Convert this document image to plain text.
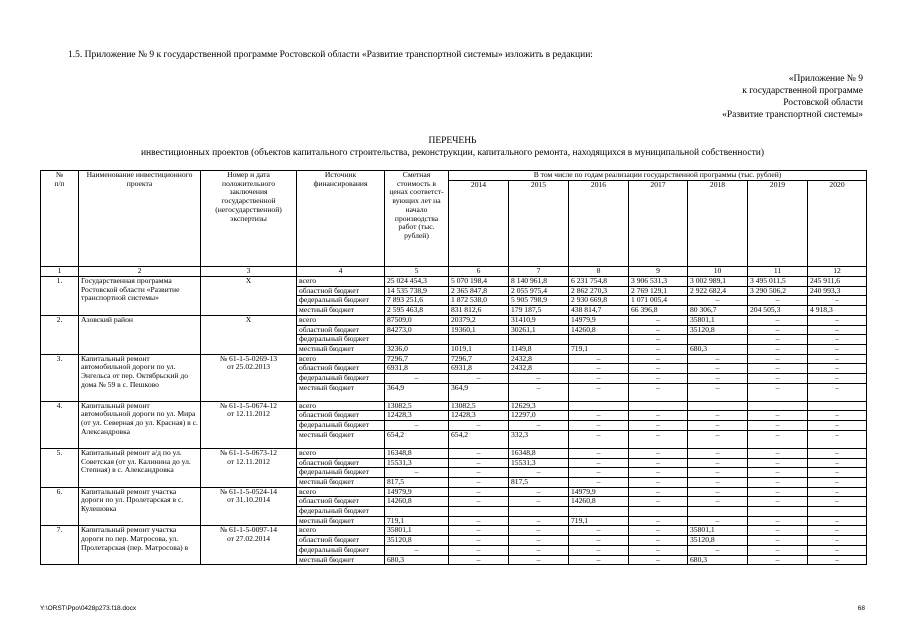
1.5. Приложение № 9 к государственной программе Ростовской области «Развитие транспортной системы» изложить в редакции:
«Приложение № 9
к государственной программе
Ростовской области
«Развитие транспортной системы»
ПЕРЕЧЕНЬ
инвестиционных проектов (объектов капитального строительства, реконструкции, капитального ремонта, находящихся в муниципальной собственности)
№
п/п	Наименование инвестиционного проекта	Номер и дата положительного заключения государственной (негосударственной) экспертизы	Источник финансирования	Сметная стоимость в ценах соответст-вующих лет на начало производства работ (тыс. рублей)	В том числе по годам реализации государственной программы (тыс. рублей)						
					2014	2015	2016	2017	2018	2019	2020
1	2	3	4	5	6	7	8	9	10	11	12
1.	Государственная программа Ростовской области «Развитие транспортной системы»	Х	всего	25 024 454,3	5 070 198,4	8 140 961,8	6 231 754,8	3 906 531,3	3 002 989,1	3 495 011,5	245 911,6
			областной бюджет	14 535 738,9	2 365 847,8	2 055 975,4	2 862 270,3	2 769 129,1	2 922 682,4	3 290 506,2	240 993,3
			федеральный бюджет	7 893 251,6	1 872 538,0	5 905 798,9	2 930 669,8	1 071 005,4	–	–	–
			местный бюджет	2 595 463,8	831 812,6	179 187,5	438 814,7	66 396,8	80 306,7	204 505,3	4 918,3
2.	Азовский район	Х	всего	87509,0	20379,2	31410,9	14979,9	–	35801,1	–	–
			областной бюджет	84273,0	19360,1	30261,1	14260,8	–	35120,8	–	–
			федеральный бюджет					–		–	–
			местный бюджет	3236,0	1019,1	1149,8	719,1	–	680,3	–	–
3.	Капитальный ремонт автомобильной дороги по ул. Энгельса от пер. Октябрьский до дома № 59 в с. Пешково	№ 61-1-5-0269-13
от 25.02.2013	всего	7296,7	7296,7	2432,8	–	–	–	–	–
			областной бюджет	6931,8	6931,8	2432,8	–	–	–	–	–
			федеральный бюджет	–	–	–	–	–	–	–	–
			местный бюджет	364,9	364,9	–	–	–	–	–	–
4.	Капитальный ремонт автомобильной дороги по ул. Мира (от ул. Северная до ул. Красная) в с. Александровка	№ 61-1-5-0674-12
от 12.11.2012	всего	13082,5	13082,5	12629,3					
			областной бюджет	12428,3	12428,3	12297,0	–	–	–	–	–
			федеральный бюджет	–	–	–	–	–	–	–	–
			местный бюджет	654,2	654,2	332,3	–	–	–	–	–
5.	Капитальный ремонт а/д по ул. Советская (от ул. Калинина до ул. Степная) в с. Александровка	№ 61-1-5-0673-12
от 12.11.2012	всего	16348,8	–	16348,8	–	–	–	–	–
			областной бюджет	15531,3	–	15531,3	–	–	–	–	–
			федеральный бюджет	–	–	–	–	–	–	–	–
			местный бюджет	817,5	–	817,5	–	–	–	–	–
6.	Капитальный ремонт участка дороги по ул. Пролетарская в с. Кулешовка	№ 61-1-5-0524-14
от 31.10.2014	всего	14979,9	–	–	14979,9	–	–	–	–
			областной бюджет	14260,8	–	–	14260,8	–	–	–	–
			федеральный бюджет								
			местный бюджет	719,1	–	–	719,1	–	–	–	–
7.	Капитальный ремонт участка дороги по пер. Матросова, ул. Пролетарская (пер. Матросова) в	№ 61-1-5-0097-14
от 27.02.2014	всего	35801,1	–	–	–	–	35801,1	–	–
			областной бюджет	35120,8	–	–	–	–	35120,8	–	–
			федеральный бюджет	–	–	–	–	–	–	–	–
			местный бюджет	680,3	–	–	–	–	680,3	–	–
Y:\ORST\Ppo\0428p273.f18.docx	68
